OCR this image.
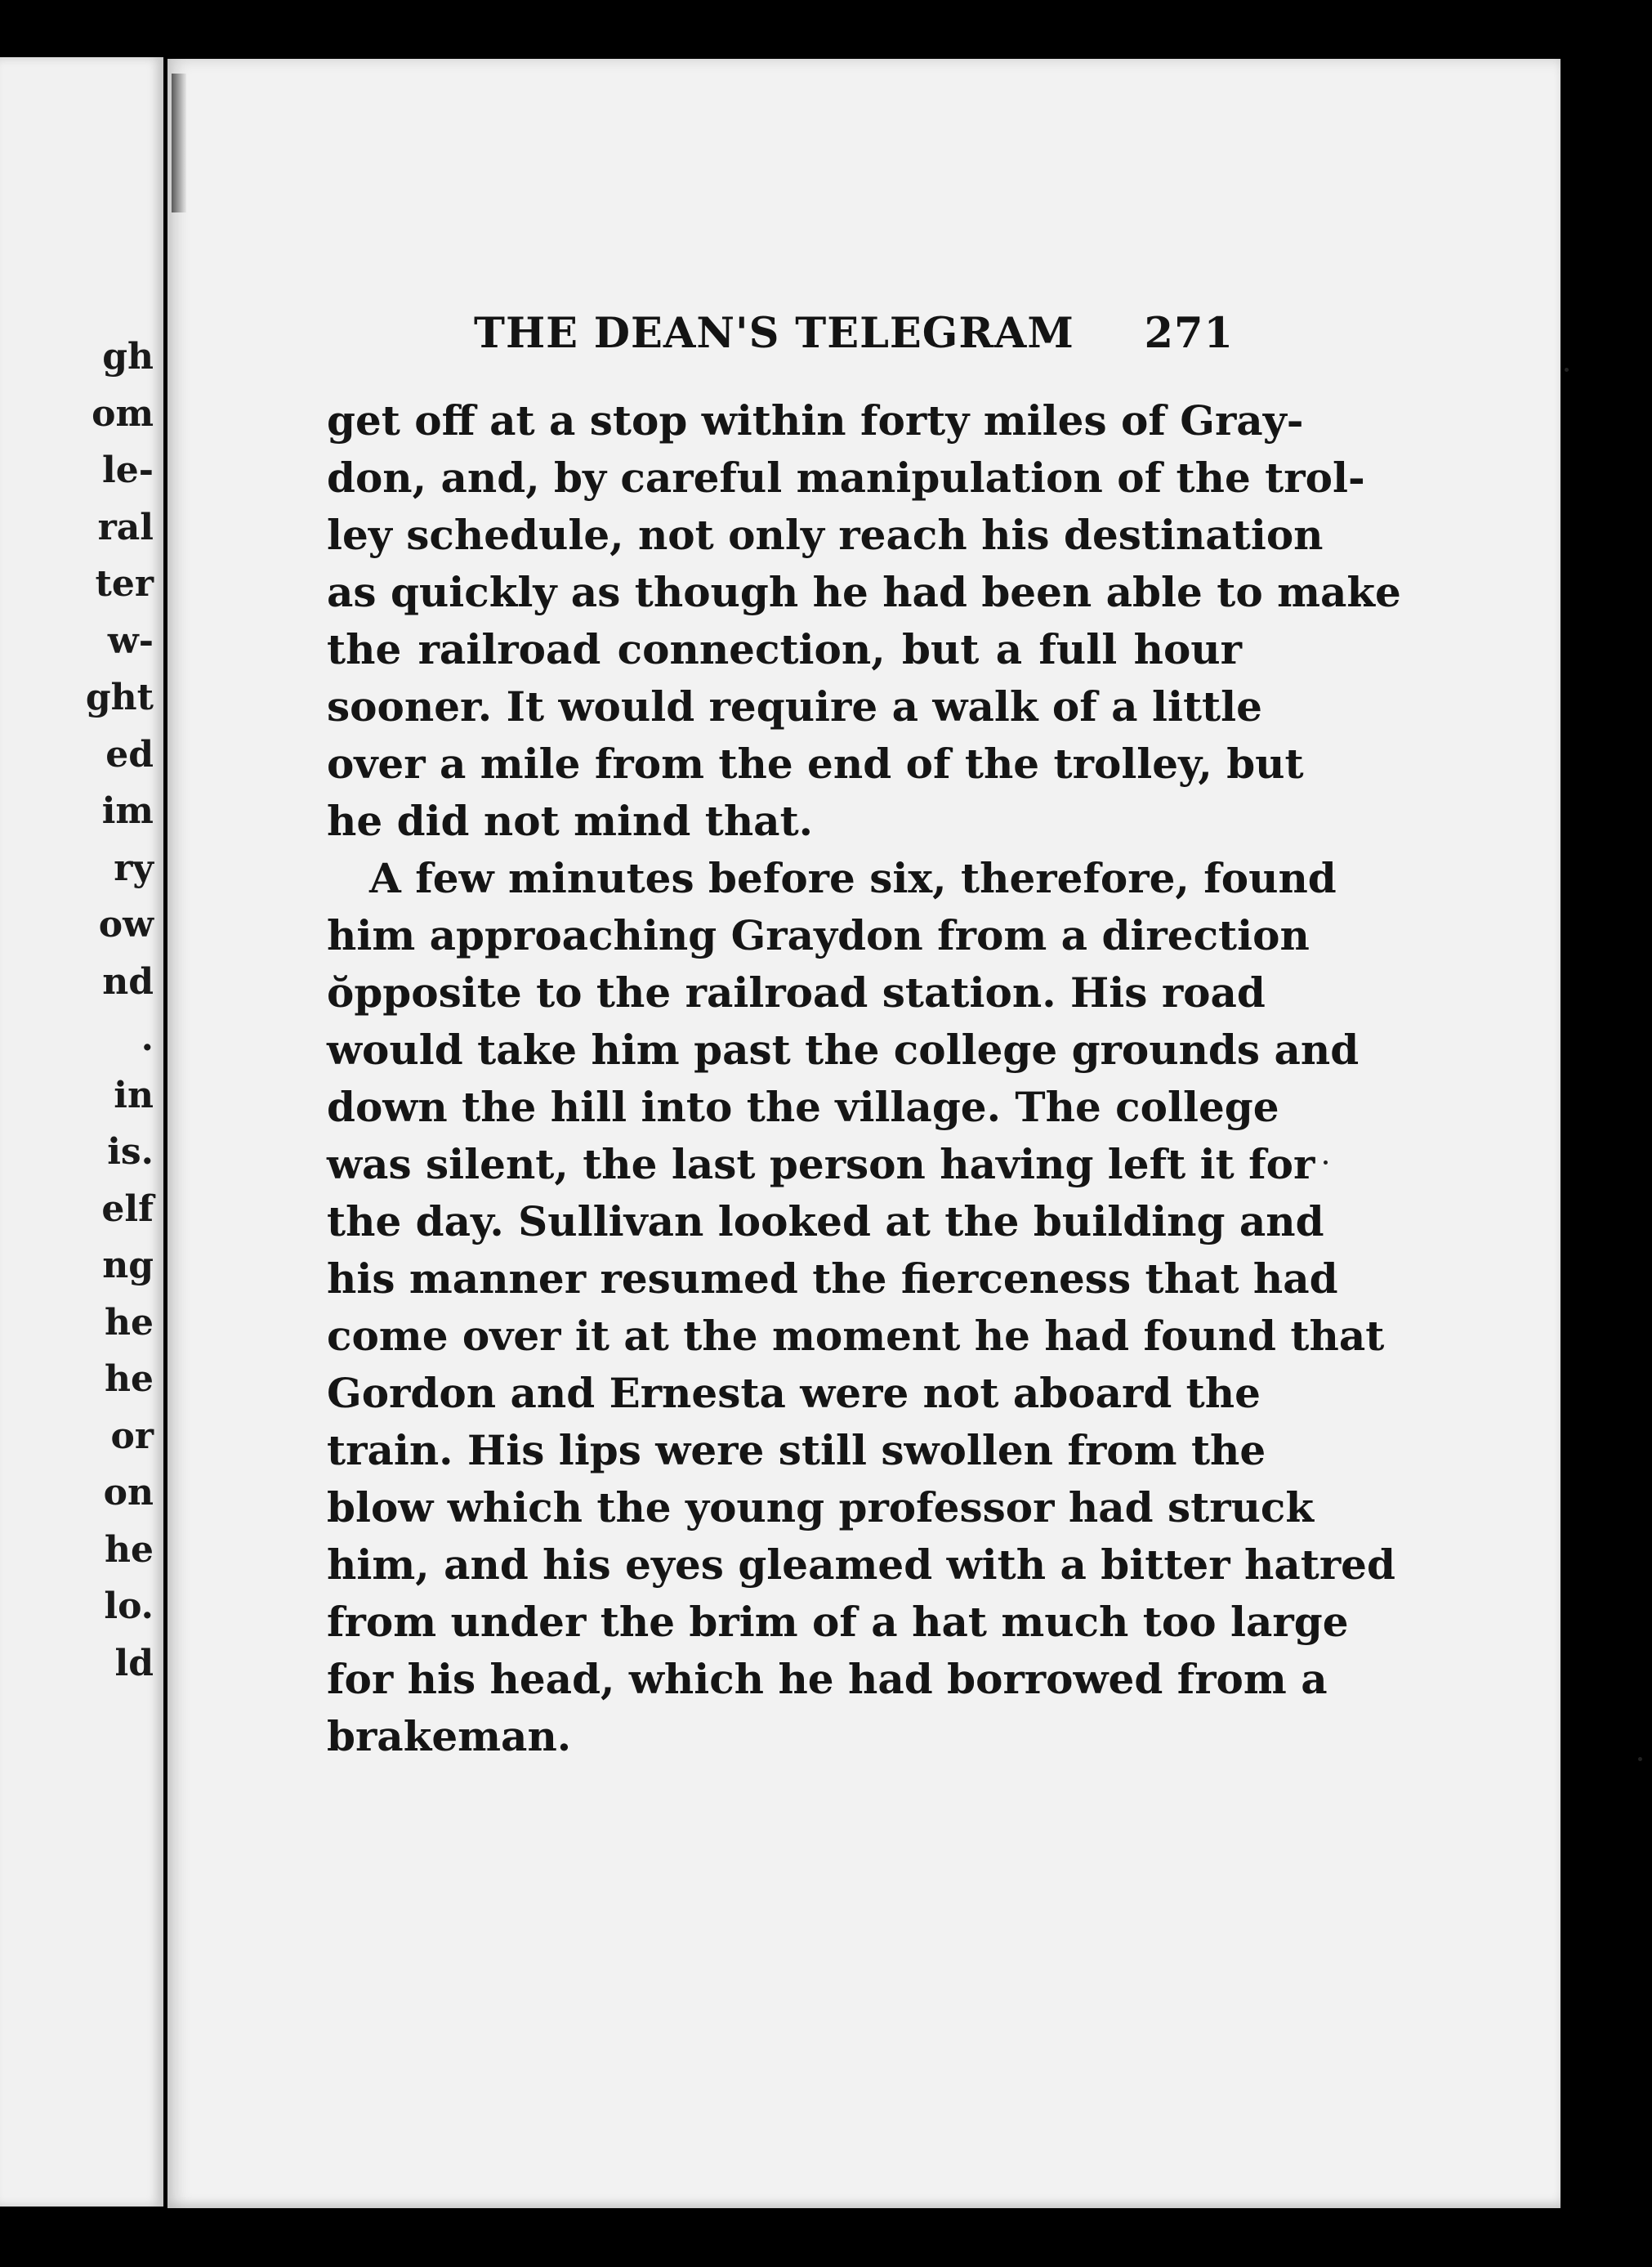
gh
om
le-
ral
ter
w-
ght
ed
im
ry
ow
nd
.
in
is.
elf
ng
he
he
or
on
he
lo.
ld
THE DEAN'S TELEGRAM 271
get off at a stop within forty miles of Gray-
don, and, by careful manipulation of the trol-
ley schedule, not only reach his destination
as quickly as though he had been able to make
the railroad connection, but a full hour
sooner. It would require a walk of a little
over a mile from the end of the trolley, but
he did not mind that.
A few minutes before six, therefore, found
him approaching Graydon from a direction
ŏpposite to the railroad station. His road
would take him past the college grounds and
down the hill into the village. The college
was silent, the last person having left it for
the day. Sullivan looked at the building and
his manner resumed the fierceness that had
come over it at the moment he had found that
Gordon and Ernesta were not aboard the
train. His lips were still swollen from the
blow which the young professor had struck
him, and his eyes gleamed with a bitter hatred
from under the brim of a hat much too large
for his head, which he had borrowed from a
brakeman.
